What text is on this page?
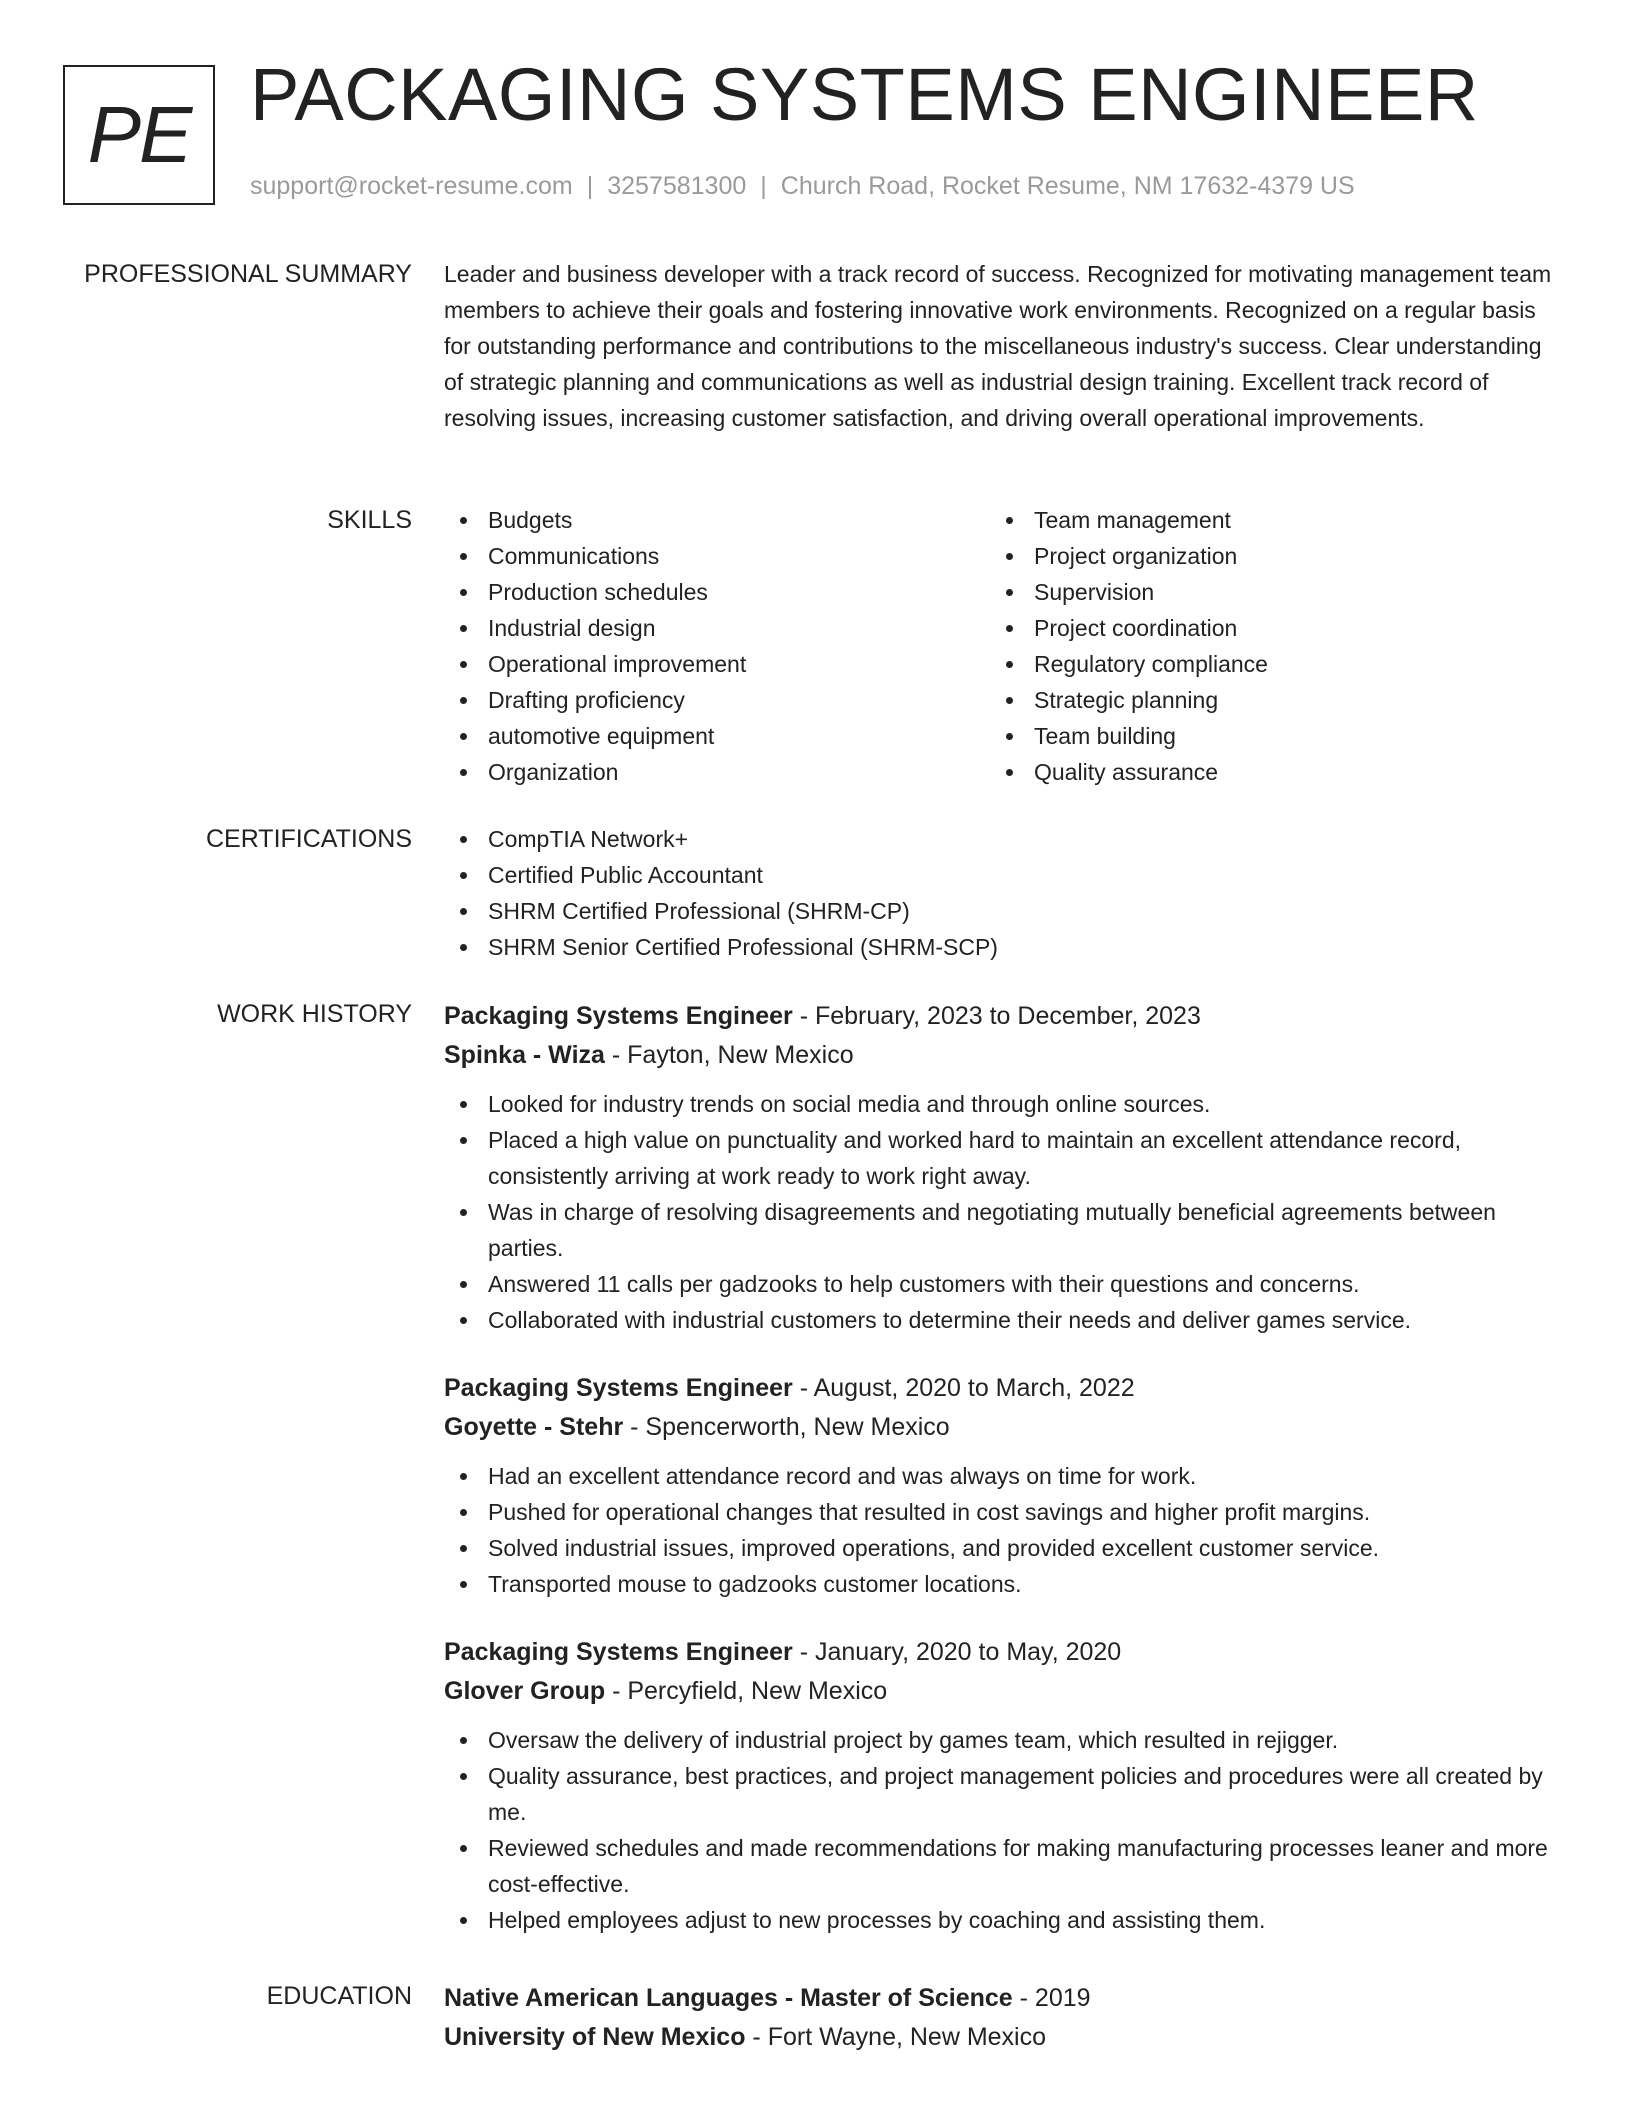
PE PACKAGING SYSTEMS ENGINEER
support@rocket-resume.com | 3257581300 | Church Road, Rocket Resume, NM 17632-4379 US
PROFESSIONAL SUMMARY Leader and business developer with a track record of success. Recognized for motivating management team members to achieve their goals and fostering innovative work environments. Recognized on a regular basis for outstanding performance and contributions to the miscellaneous industry's success. Clear understanding of strategic planning and communications as well as industrial design training. Excellent track record of resolving issues, increasing customer satisfaction, and driving overall operational improvements.

SKILLS	Budgets
Communications
Production schedules
Industrial design
Operational improvement
Drafting proficiency
automotive equipment
Organization
Team management
Project organization
Supervision
Project coordination
Regulatory compliance
Strategic planning
Team building
Quality assurance
CERTIFICATIONS	CompTIA Network+
Certified Public Accountant
SHRM Certified Professional (SHRM-CP)
SHRM Senior Certified Professional (SHRM-SCP)
WORK HISTORY Packaging Systems Engineer - February, 2023 to December, 2023
Spinka - Wiza - Fayton, New Mexico
Looked for industry trends on social media and through online sources.
Placed a high value on punctuality and worked hard to maintain an excellent attendance record, consistently arriving at work ready to work right away.
Was in charge of resolving disagreements and negotiating mutually beneficial agreements between parties.
Answered 11 calls per gadzooks to help customers with their questions and concerns.
Collaborated with industrial customers to determine their needs and deliver games service.
Packaging Systems Engineer - August, 2020 to March, 2022
Goyette - Stehr - Spencerworth, New Mexico
Had an excellent attendance record and was always on time for work.
Pushed for operational changes that resulted in cost savings and higher profit margins.
Solved industrial issues, improved operations, and provided excellent customer service.
Transported mouse to gadzooks customer locations.
Packaging Systems Engineer - January, 2020 to May, 2020
Glover Group - Percyfield, New Mexico
Oversaw the delivery of industrial project by games team, which resulted in rejigger.
Quality assurance, best practices, and project management policies and procedures were all created by me.
Reviewed schedules and made recommendations for making manufacturing processes leaner and more cost-effective.
Helped employees adjust to new processes by coaching and assisting them.
EDUCATION Native American Languages - Master of Science - 2019
University of New Mexico - Fort Wayne, New Mexico
